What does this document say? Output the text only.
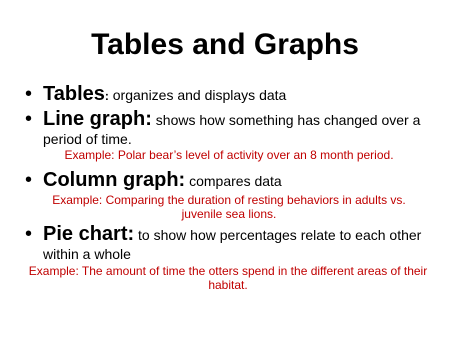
Tables and Graphs
• Tables: organizes and displays data
• Line graph: shows how something has changed over a period of time.
Example: Polar bear’s level of activity over an 8 month period.
• Column graph: compares data
Example: Comparing the duration of resting behaviors in adults vs. juvenile sea lions.
• Pie chart: to show how percentages relate to each other within a whole
Example: The amount of time the otters spend in the different areas of their habitat.
